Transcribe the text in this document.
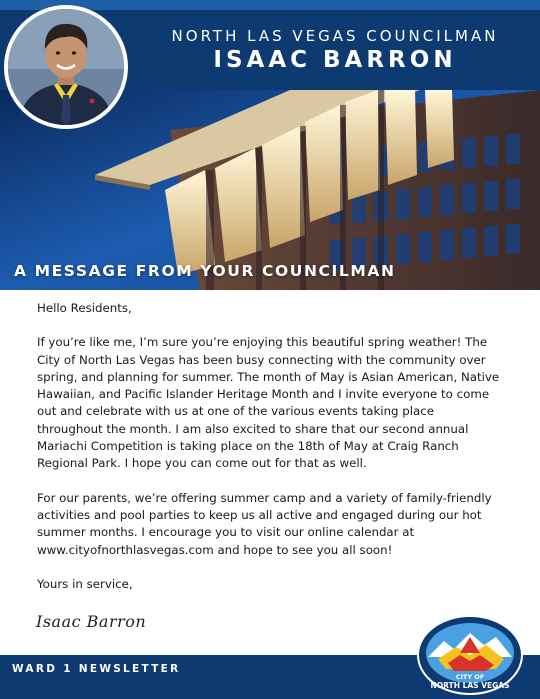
NORTH LAS VEGAS COUNCILMAN
ISAAC BARRON
A MESSAGE FROM YOUR COUNCILMAN

Hello Residents,

If you’re like me, I’m sure you’re enjoying this beautiful spring weather! The City of North Las Vegas has been busy connecting with the community over spring, and planning for summer. The month of May is Asian American, Native Hawaiian, and Pacific Islander Heritage Month and I invite everyone to come out and celebrate with us at one of the various events taking place throughout the month. I am also excited to share that our second annual Mariachi Competition is taking place on the 18th of May at Craig Ranch Regional Park. I hope you can come out for that as well.

For our parents, we’re offering summer camp and a variety of family-friendly activities and pool parties to keep us all active and engaged during our hot summer months. I encourage you to visit our online calendar at www.cityofnorthlasvegas.com and hope to see you all soon!

Yours in service,

Isaac Barron
WARD 1 NEWSLETTER
CITY OF
NORTH LAS VEGAS
